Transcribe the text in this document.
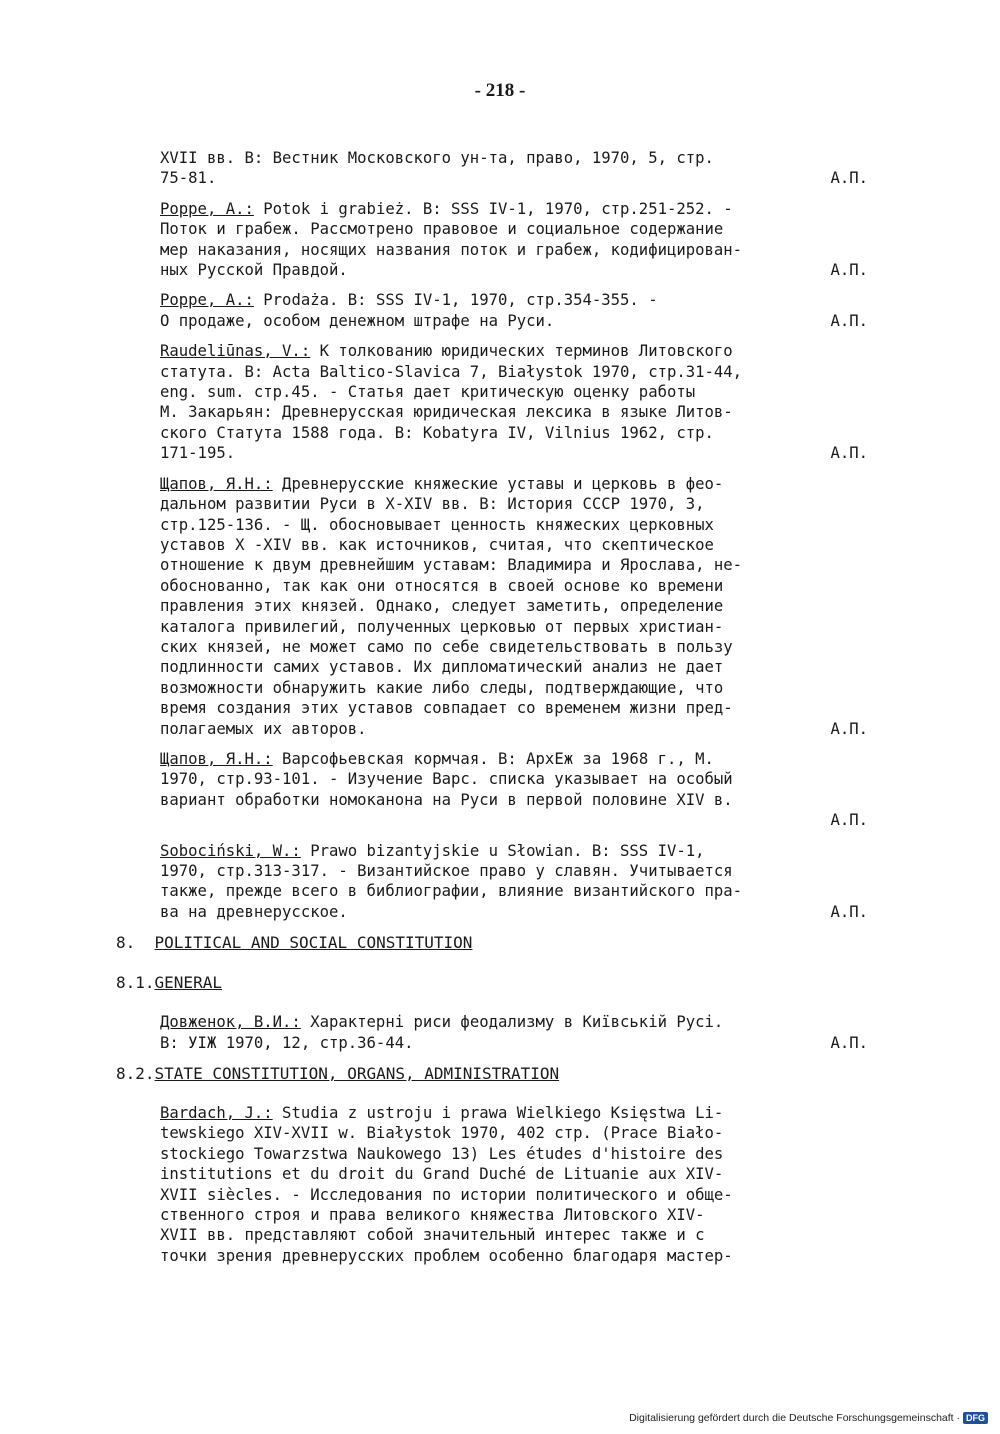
- 218 -
XVII вв. В: Вестник Московского ун-та, право, 1970, 5, стр.
А.П.
75-81.
Poppe, A.: Potok i grabież. B: SSS IV-1, 1970, стр.251-252. -
Поток и грабеж. Рассмотрено правовое и социальное содержание
мер наказания, носящих названия поток и грабеж, кодифицирован-
А.П.
ных Русской Правдой.
Poppe, A.: Prodaża. B: SSS IV-1, 1970, стр.354-355. -
А.П.
О продаже, особом денежном штрафе на Руси.
Raudeliūnas, V.: К толкованию юридических терминов Литовского
статута. В: Acta Baltico-Slavica 7, Białystok 1970, стр.31-44,
eng. sum. стр.45. - Статья дает критическую оценку работы
М. Закарьян: Древнерусская юридическая лексика в языке Литов-
ского Статута 1588 года. В: Kobatyra IV, Vilnius 1962, стр.
А.П.
171-195.
Щапов, Я.Н.: Древнерусские княжеские уставы и церковь в фео-
дальном развитии Руси в X-XIV вв. В: История СССР 1970, 3,
стр.125-136. - Щ. обосновывает ценность княжеских церковных
уставов X -XIV вв. как источников, считая, что скептическое
отношение к двум древнейшим уставам: Владимира и Ярослава, не-
обоснованно, так как они относятся в своей основе ко времени
правления этих князей. Однако, следует заметить, определение
каталога привилегий, полученных церковью от первых христиан-
ских князей, не может само по себе свидетельствовать в пользу
подлинности самих уставов. Их дипломатический анализ не дает
возможности обнаружить какие либо следы, подтверждающие, что
время создания этих уставов совпадает со временем жизни пред-
А.П.
полагаемых их авторов.
Щапов, Я.Н.: Варсофьевская кормчая. В: АрхЕж за 1968 г., М.
1970, стр.93-101. - Изучение Варс. списка указывает на особый
вариант обработки номоканона на Руси в первой половине XIV в.
А.П.
Sobociński, W.: Prawo bizantyjskie u Słowian. B: SSS IV-1,
1970, стр.313-317. - Византийское право у славян. Учитывается
также, прежде всего в библиографии, влияние византийского пра-
А.П.
ва на древнерусское.
8.  POLITICAL AND SOCIAL CONSTITUTION
8.1.GENERAL
Довженок, В.И.: Характерні риси феодализму в Київській Русі.
А.П.
В: УІЖ 1970, 12, стр.36-44.
8.2.STATE CONSTITUTION, ORGANS, ADMINISTRATION
Bardach, J.: Studia z ustroju i prawa Wielkiego Księstwa Li-
tewskiego XIV-XVII w. Białystok 1970, 402 стр. (Prace Biało-
stockiego Towarzstwa Naukowego 13) Les études d'histoire des
institutions et du droit du Grand Duché de Lituanie aux XIV-
XVII siècles. - Исследования по истории политического и обще-
ственного строя и права великого княжества Литовского XIV-
XVII вв. представляют собой значительный интерес также и с
точки зрения древнерусских проблем особенно благодаря мастер-
Digitalisierung gefördert durch die Deutsche Forschungsgemeinschaft · DFG
